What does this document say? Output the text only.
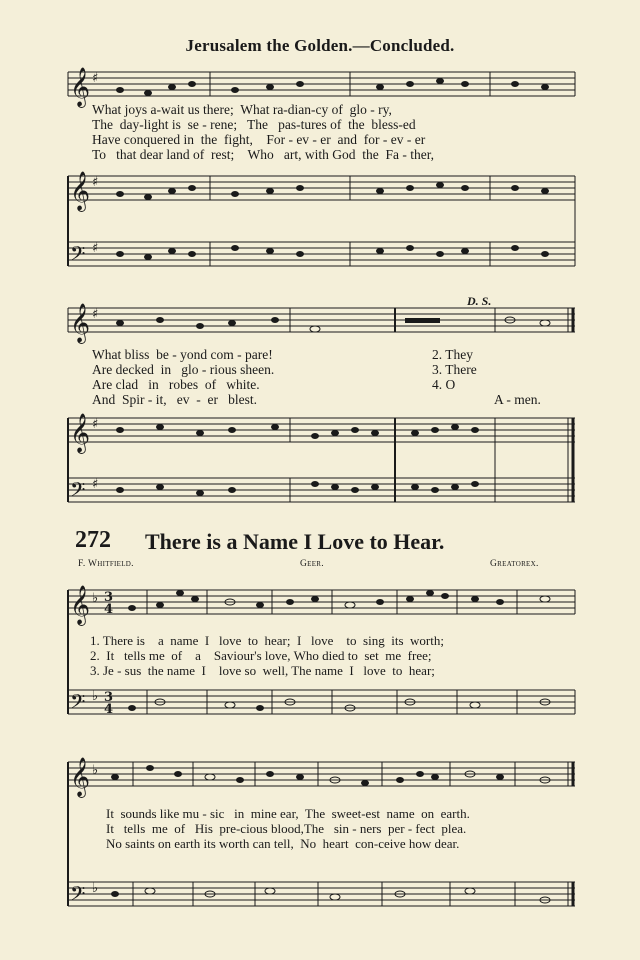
Jerusalem the Golden.—Concluded.
𝄞
𝄞
𝄢
♯
♯
♯
What joys a-wait us there;  What ra-dian-cy of  glo - ry,
The  day-light is  se - rene;   The   pas-tures of  the  bless-ed
Have conquered in  the  fight,    For - ev - er  and  for - ev - er
To   that dear land of  rest;    Who   art, with God  the  Fa - ther,
D. S.
𝄞
𝄞
𝄢
♯
♯
♯
What bliss  be - yond com - pare!
Are decked  in   glo - rious sheen.
Are clad   in   robes  of   white.
And  Spir - it,   ev  -  er   blest.
2. They
3. There
4. O
A - men.
272 There is a Name I Love to Hear.
F. Whitfield.	Geer.	Greatorex.
𝄞
𝄢
♭
♭
3
4
3
4
1. There is    a  name  I   love  to  hear;  I   love    to  sing  its  worth;
2.  It   tells me  of    a    Saviour's love, Who died to  set  me  free;
3. Je - sus  the name  I    love so  well, The name  I   love  to  hear;
𝄞
𝄢
♭
♭
It  sounds like mu - sic   in  mine ear,  The  sweet-est  name  on  earth.
It   tells  me  of   His  pre-cious blood,The   sin - ners  per - fect  plea.
No saints on earth its worth can tell,  No  heart  con-ceive how dear.
